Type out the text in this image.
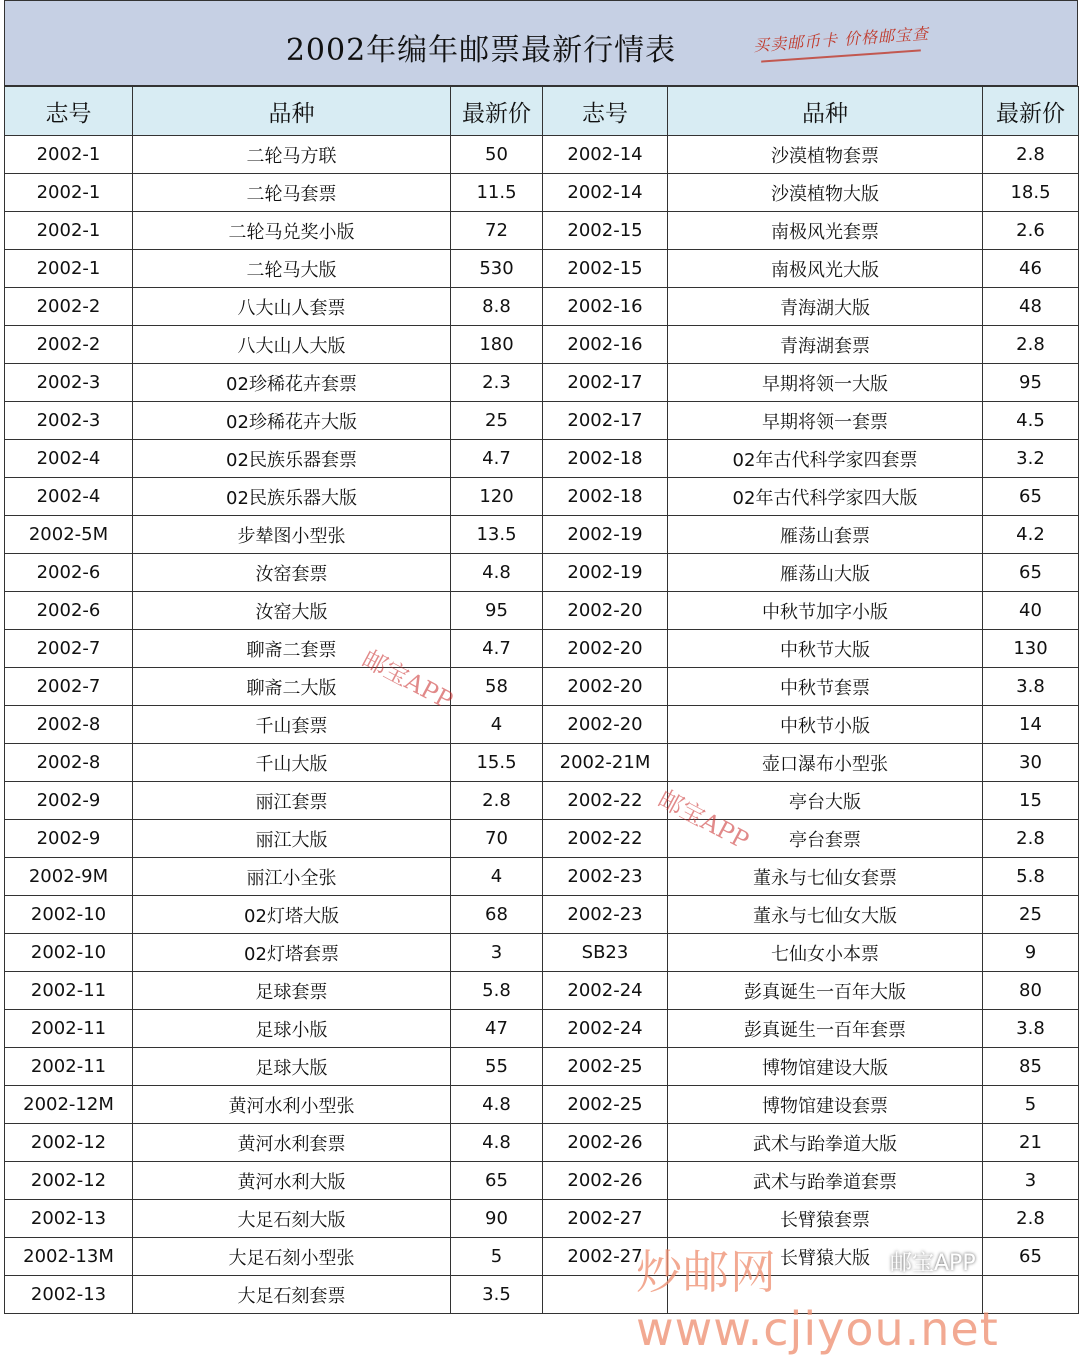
2002年编年邮票最新行情表	买卖邮币卡 价格邮宝查
志号	品种	最新价	志号	品种	最新价
2002-1	二轮马方联	50	2002-14	沙漠植物套票	2.8
2002-1	二轮马套票	11.5	2002-14	沙漠植物大版	18.5
2002-1	二轮马兑奖小版	72	2002-15	南极风光套票	2.6
2002-1	二轮马大版	530	2002-15	南极风光大版	46
2002-2	八大山人套票	8.8	2002-16	青海湖大版	48
2002-2	八大山人大版	180	2002-16	青海湖套票	2.8
2002-3	02珍稀花卉套票	2.3	2002-17	早期将领一大版	95
2002-3	02珍稀花卉大版	25	2002-17	早期将领一套票	4.5
2002-4	02民族乐器套票	4.7	2002-18	02年古代科学家四套票	3.2
2002-4	02民族乐器大版	120	2002-18	02年古代科学家四大版	65
2002-5M	步辇图小型张	13.5	2002-19	雁荡山套票	4.2
2002-6	汝窑套票	4.8	2002-19	雁荡山大版	65
2002-6	汝窑大版	95	2002-20	中秋节加字小版	40
2002-7	聊斋二套票	4.7	2002-20	中秋节大版	130
2002-7	聊斋二大版	58	2002-20	中秋节套票	3.8
2002-8	千山套票	4	2002-20	中秋节小版	14
2002-8	千山大版	15.5	2002-21M	壶口瀑布小型张	30
2002-9	丽江套票	2.8	2002-22	亭台大版	15
2002-9	丽江大版	70	2002-22	亭台套票	2.8
2002-9M	丽江小全张	4	2002-23	董永与七仙女套票	5.8
2002-10	02灯塔大版	68	2002-23	董永与七仙女大版	25
2002-10	02灯塔套票	3	SB23	七仙女小本票	9
2002-11	足球套票	5.8	2002-24	彭真诞生一百年大版	80
2002-11	足球小版	47	2002-24	彭真诞生一百年套票	3.8
2002-11	足球大版	55	2002-25	博物馆建设大版	85
2002-12M	黄河水利小型张	4.8	2002-25	博物馆建设套票	5
2002-12	黄河水利套票	4.8	2002-26	武术与跆拳道大版	21
2002-12	黄河水利大版	65	2002-26	武术与跆拳道套票	3
2002-13	大足石刻大版	90	2002-27	长臂猿套票	2.8
2002-13M	大足石刻小型张	5	2002-27	长臂猿大版	65
2002-13	大足石刻套票	3.5			
邮宝APP
邮宝APP
炒邮网 www.cjiyou.net
邮宝APP
